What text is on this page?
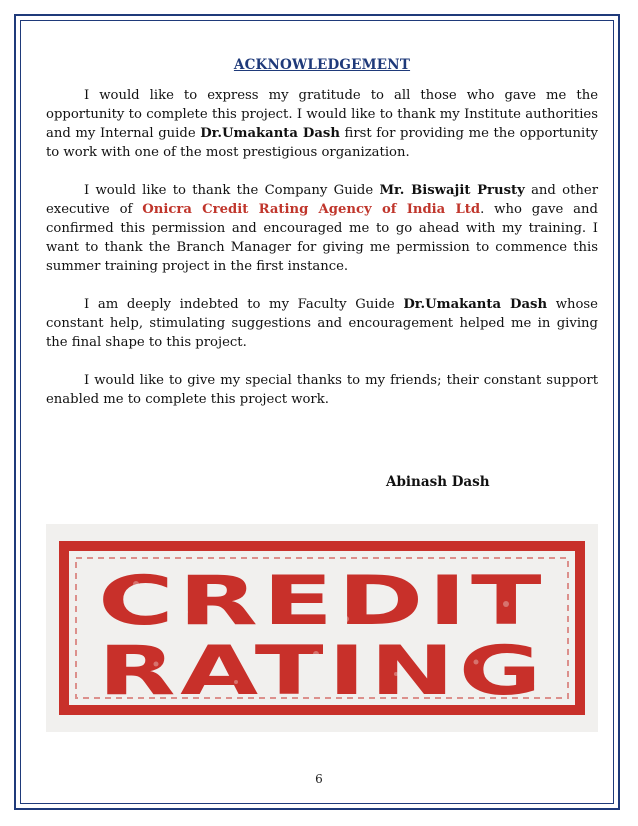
ACKNOWLEDGEMENT

I would like to express my gratitude to all those who gave me the opportunity to complete this project. I would like to thank my Institute authorities and my Internal guide Dr.Umakanta Dash first for providing me the opportunity to work with one of the most prestigious organization.

I would like to thank the Company Guide Mr. Biswajit Prusty and other executive of Onicra Credit Rating Agency of India Ltd. who gave and confirmed this permission and encouraged me to go ahead with my training. I want to thank the Branch Manager for giving me permission to commence this summer training project in the first instance.

I am deeply indebted to my Faculty Guide Dr.Umakanta Dash whose constant help, stimulating suggestions and encouragement helped me in giving the final shape to this project.

I would like to give my special thanks to my friends; their constant support enabled me to complete this project work.

Abinash Dash
CREDIT
RATING
6
